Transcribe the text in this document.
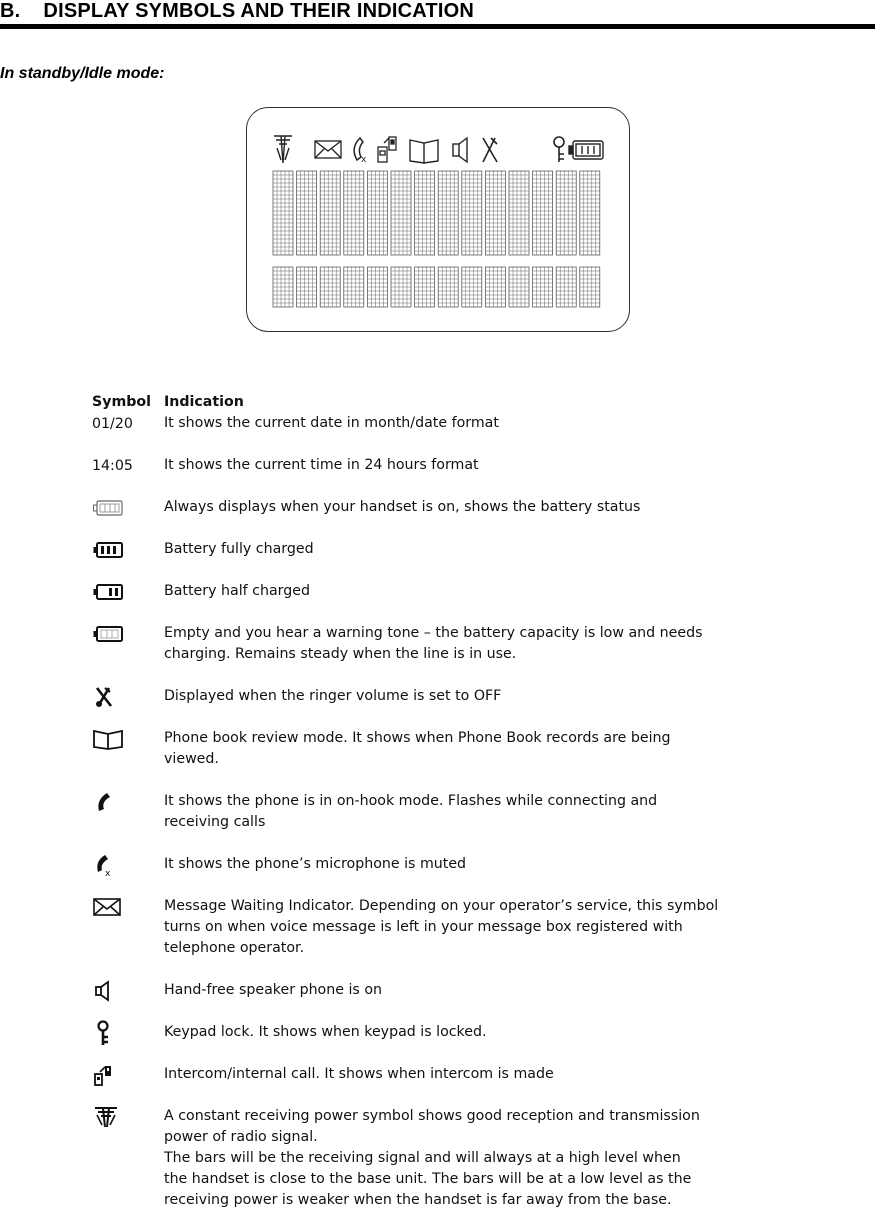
B.    DISPLAY SYMBOLS AND THEIR INDICATION
In standby/Idle mode:
x
Symbol Indication
01/20	It shows the current date in month/date format
14:05	It shows the current time in 24 hours format
Always displays when your handset is on, shows the battery status
Battery fully charged
Battery half charged
Empty and you hear a warning tone – the battery capacity is low and needs
charging. Remains steady when the line is in use.
Displayed when the ringer volume is set to OFF
Phone book review mode. It shows when Phone Book records are being
viewed.
It shows the phone is in on-hook mode. Flashes while connecting and
receiving calls
x
It shows the phone’s microphone is muted
Message Waiting Indicator. Depending on your operator’s service, this symbol
turns on when voice message is left in your message box registered with
telephone operator.
Hand-free speaker phone is on
Keypad lock. It shows when keypad is locked.
Intercom/internal call. It shows when intercom is made
A constant receiving power symbol shows good reception and transmission
power of radio signal.
The bars will be the receiving signal and will always at a high level when
the handset is close to the base unit. The bars will be at a low level as the
receiving power is weaker when the handset is far away from the base.
